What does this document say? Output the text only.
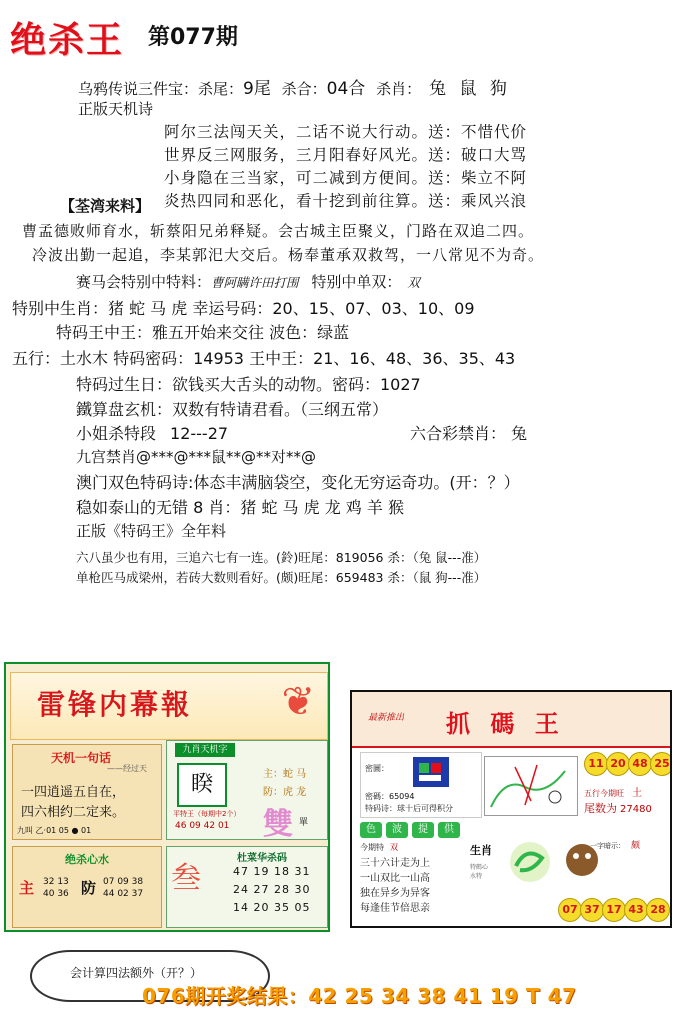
绝杀王 第077期
乌鸦传说三件宝：杀尾：9尾 杀合：04合 杀肖： 兔 鼠 狗
正版天机诗
阿尔三法闯天关，二话不说大行动。送：不惜代价
世界反三网服务，三月阳春好风光。送：破口大骂
小身隐在三当家，可二减到方便间。送：柴立不阿
炎热四同和恶化，看十挖到前往算。送：乘风兴浪
【荃湾来料】
曹孟德败师育水，斩蔡阳兄弟释疑。会古城主臣聚义，门路在双追二四。
冷波出勤一起追，李某郭汜大交后。杨奉董承双救驾，一八常见不为奇。
赛马会特别中特料：曹阿瞒许田打围 特别中单双： 双
特别中生肖：猪 蛇 马 虎 幸运号码：20、15、07、03、10、09
特码王中王：雅五开始来交往 波色：绿蓝
五行：土水木 特码密码：14953 王中王：21、16、48、36、35、43
特码过生日：欲钱买大舌头的动物。密码：1027
鐵算盘玄机：双数有特请君看。（三纲五常）
小姐杀特段 12---27	六合彩禁肖： 兔
九宫禁肖@***@***鼠**@**对**@
澳门双色特码诗:体态丰满脑袋空，变化无穷运奇功。(开：？）
稳如泰山的无错 8 肖：猪 蛇 马 虎 龙 鸡 羊 猴
正版《特码王》全年料
六八虽少也有用，三追六七有一连。(鈴)旺尾：819056 杀：（兔 鼠---准）
单枪匹马成梁州，若砖大数则看好。(颇)旺尾：659483 杀：（鼠 狗---准）
雷锋内幕報 ❦
天机一句话
——经过天
一四逍遥五自在，
四六相约二定来。
九叫 乙·01 05 ● 01
九肖天机字
睽	主：蛇 马
防：虎 龙
平特王（每期中2个）
46 09 42 01 雙 單
绝杀心水
主 32 13
40 36 防 07 09 38
44 02 37 叁
杜菜华杀码
47 19 18 31
24 27 28 30
14 20 35 05
最新推出 抓 碼 王
密圖：
密碼：65094
特码诗：球十后可得积分
11 20 48 25
五行今期旺 土
尾数为 27480
色	波	提	供
今期特 双
三十六计走为上
一山双比一山高
独在异乡为异客
每逢佳节倍思亲
生肖
特碼心水特
一字暗示： 颇
07 37 17 43 28
会计算四法额外（开？）
076期开奖结果：42 25 34 38 41 19 T 47
